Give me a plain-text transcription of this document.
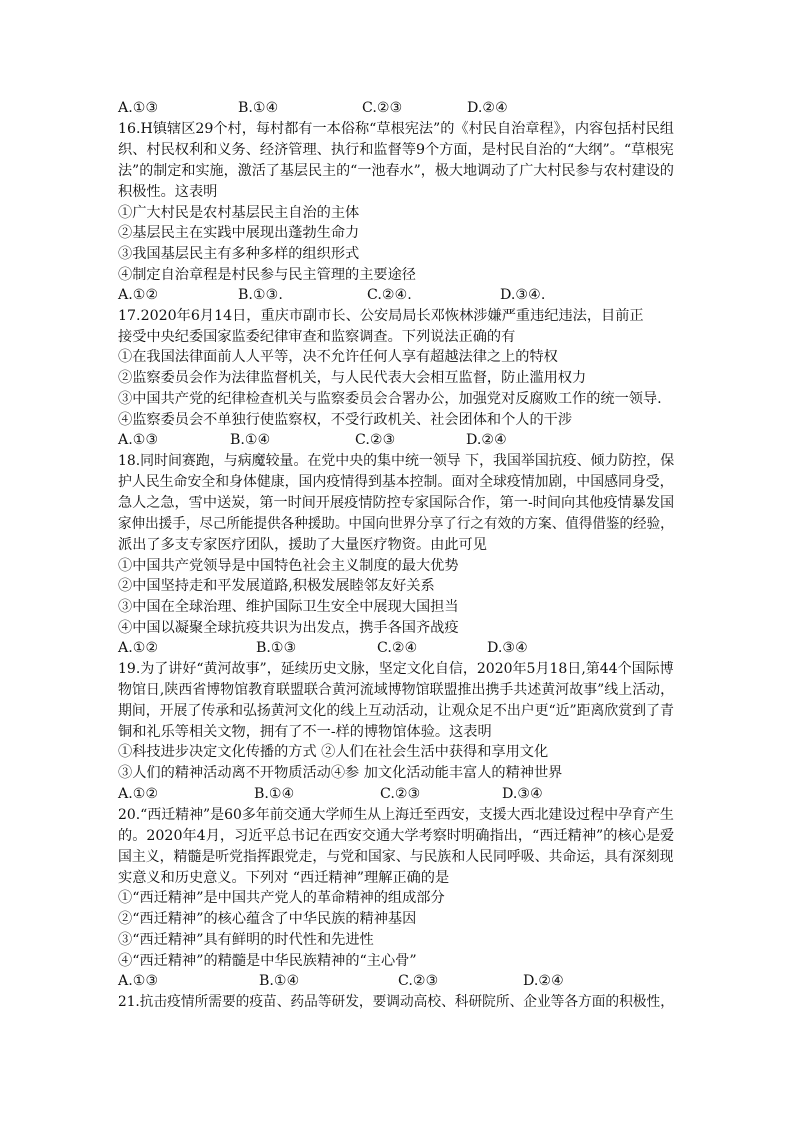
A.①③	B.①④	C.②③	D.②④
16.H镇辖区29个村，每村都有一本俗称“草根宪法”的《村民自治章程》，内容包括村民组
织、村民权利和义务、经济管理、执行和监督等9个方面，是村民自治的“大纲”。“草根宪
法”的制定和实施，激活了基层民主的“一池春水”，极大地调动了广大村民参与农村建设的
积极性。这表明
①广大村民是农村基层民主自治的主体
②基层民主在实践中展现出蓬勃生命力
③我国基层民主有多种多样的组织形式
④制定自治章程是村民参与民主管理的主要途径
A.①②	B.①③.	C.②④.	D.③④.
17.2020年6月14日，重庆市副市长、公安局局长邓恢林涉嫌严重违纪违法，目前正
接受中央纪委国家监委纪律审查和监察调查。下列说法正确的有
①在我国法律面前人人平等，决不允许任何人享有超越法律之上的特权
②监察委员会作为法律监督机关，与人民代表大会相互监督，防止滥用权力
③中国共产党的纪律检查机关与监察委员会合署办公，加强党对反腐败工作的统一领导.
④监察委员会不单独行使监察权，不受行政机关、社会团体和个人的干涉
A.①③	B.①④	C.②③	D.②④
18.同时间赛跑，与病魔较量。在党中央的集中统一领导 下，我国举国抗疫、倾力防控，保
护人民生命安全和身体健康，国内疫情得到基本控制。面对全球疫情加剧，中国感同身受，
急人之急，雪中送炭，第一时间开展疫情防控专家国际合作，第一-时间向其他疫情暴发国
家伸出援手，尽己所能提供各种援助。中国向世界分享了行之有效的方案、值得借鉴的经验，
派出了多支专家医疗团队，援助了大量医疗物资。由此可见
①中国共产党领导是中国特色社会主义制度的最大优势
②中国坚持走和平发展道路,积极发展睦邻友好关系
③中国在全球治理、维护国际卫生安全中展现大国担当
④中国以凝聚全球抗疫共识为出发点，携手各国齐战疫
A.①②	B.①③	C.②④	D.③④
19.为了讲好“黄河故事”，延续历史文脉，坚定文化自信，2020年5月18日,第44个国际博
物馆日,陕西省博物馆教育联盟联合黄河流域博物馆联盟推出携手共述黄河故事”线上活动，
期间，开展了传承和弘扬黄河文化的线上互动活动，让观众足不出户更“近”距离欣赏到了青
铜和礼乐等相关文物，拥有了不一-样的博物馆体验。这表明
①科技进步决定文化传播的方式 ②人们在社会生活中获得和享用文化
③人们的精神活动离不开物质活动④参 加文化活动能丰富人的精神世界
A.①②	B.①④	C.②③	D.③④
20.“西迁精神”是60多年前交通大学师生从上海迁至西安，支援大西北建设过程中孕育产生
的。2020年4月，习近平总书记在西安交通大学考察时明确指出，“西迁精神”的核心是爱
国主义，精髓是听党指挥跟党走，与党和国家、与民族和人民同呼吸、共命运，具有深刻现
实意义和历史意义。下列对 “西迁精神”理解正确的是
①“西迁精神”是中国共产党人的革命精神的组成部分
②“西迁精神”的核心蕴含了中华民族的精神基因
③“西迁精神”具有鲜明的时代性和先进性
④“西迁精神”的精髓是中华民族精神的“主心骨”
A.①③	B.①④	C.②③	D.②④
21.抗击疫情所需要的疫苗、药品等研发，要调动高校、科研院所、企业等各方面的积极性，
